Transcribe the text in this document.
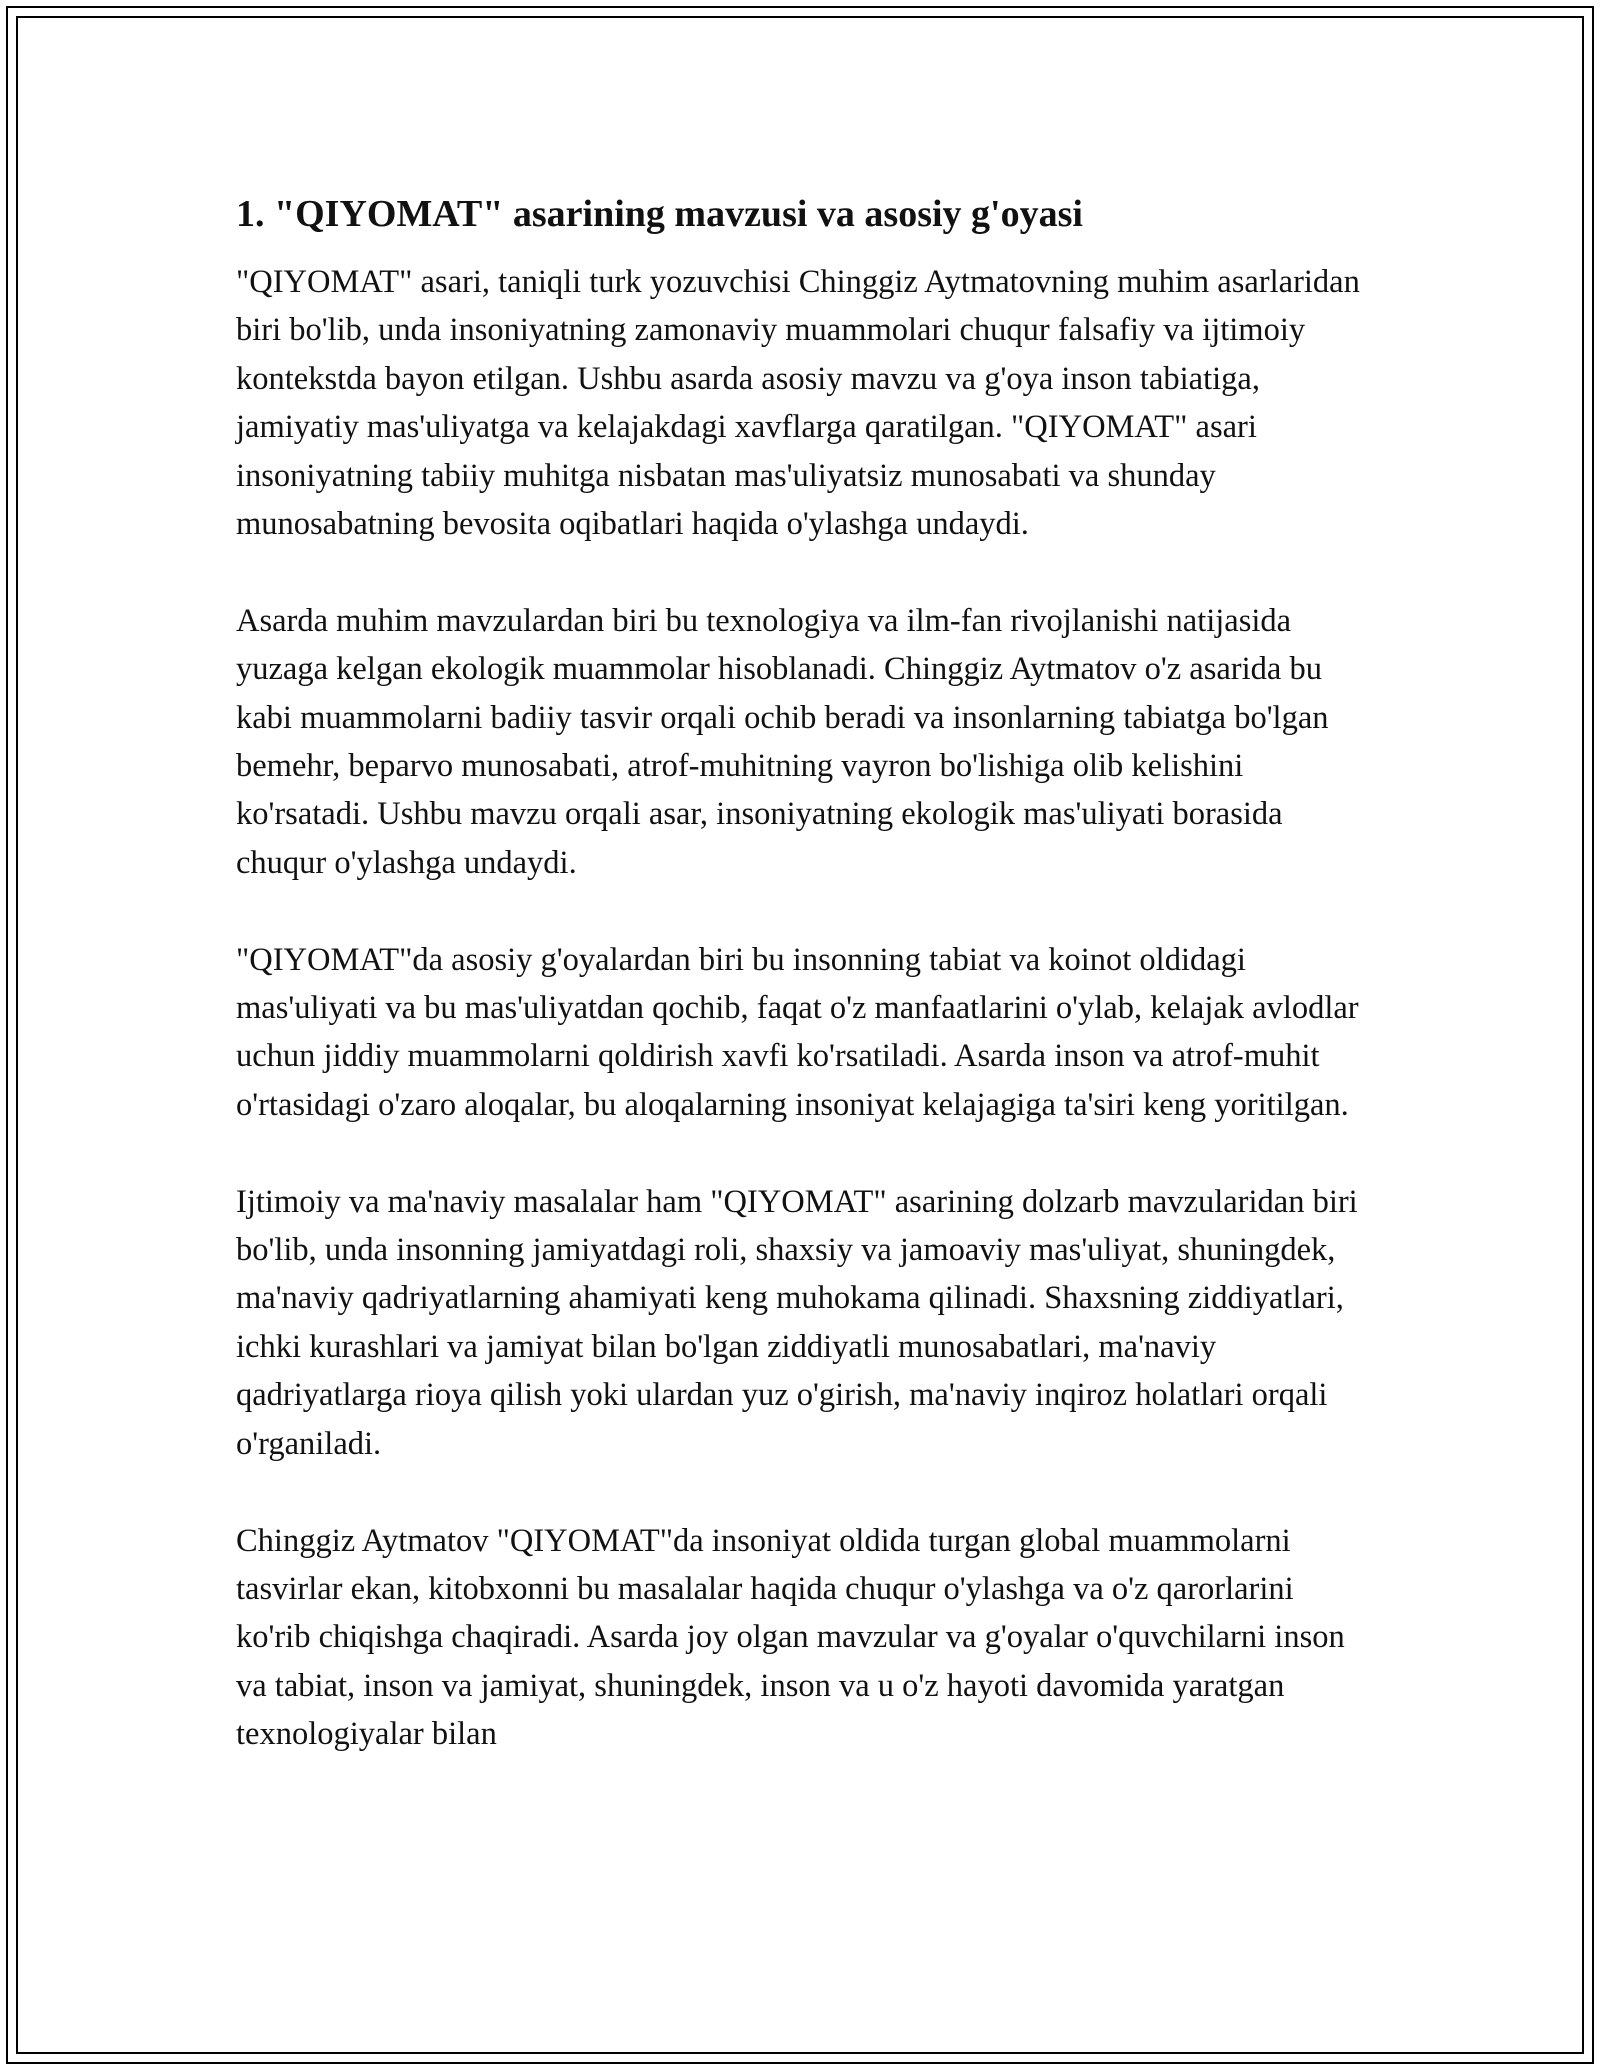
1. "QIYOMAT" asarining mavzusi va asosiy g'oyasi

"QIYOMAT" asari, taniqli turk yozuvchisi Chinggiz Aytmatovning muhim asarlaridan biri bo'lib, unda insoniyatning zamonaviy muammolari chuqur falsafiy va ijtimoiy kontekstda bayon etilgan. Ushbu asarda asosiy mavzu va g'oya inson tabiatiga, jamiyatiy mas'uliyatga va kelajakdagi xavflarga qaratilgan. "QIYOMAT" asari insoniyatning tabiiy muhitga nisbatan mas'uliyatsiz munosabati va shunday munosabatning bevosita oqibatlari haqida o'ylashga undaydi.

Asarda muhim mavzulardan biri bu texnologiya va ilm-fan rivojlanishi natijasida yuzaga kelgan ekologik muammolar hisoblanadi. Chinggiz Aytmatov o'z asarida bu kabi muammolarni badiiy tasvir orqali ochib beradi va insonlarning tabiatga bo'lgan bemehr, beparvo munosabati, atrof-muhitning vayron bo'lishiga olib kelishini ko'rsatadi. Ushbu mavzu orqali asar, insoniyatning ekologik mas'uliyati borasida chuqur o'ylashga undaydi.

"QIYOMAT"da asosiy g'oyalardan biri bu insonning tabiat va koinot oldidagi mas'uliyati va bu mas'uliyatdan qochib, faqat o'z manfaatlarini o'ylab, kelajak avlodlar uchun jiddiy muammolarni qoldirish xavfi ko'rsatiladi. Asarda inson va atrof-muhit o'rtasidagi o'zaro aloqalar, bu aloqalarning insoniyat kelajagiga ta'siri keng yoritilgan.

Ijtimoiy va ma'naviy masalalar ham "QIYOMAT" asarining dolzarb mavzularidan biri bo'lib, unda insonning jamiyatdagi roli, shaxsiy va jamoaviy mas'uliyat, shuningdek, ma'naviy qadriyatlarning ahamiyati keng muhokama qilinadi. Shaxsning ziddiyatlari, ichki kurashlari va jamiyat bilan bo'lgan ziddiyatli munosabatlari, ma'naviy qadriyatlarga rioya qilish yoki ulardan yuz o'girish, ma'naviy inqiroz holatlari orqali o'rganiladi.

Chinggiz Aytmatov "QIYOMAT"da insoniyat oldida turgan global muammolarni tasvirlar ekan, kitobxonni bu masalalar haqida chuqur o'ylashga va o'z qarorlarini ko'rib chiqishga chaqiradi. Asarda joy olgan mavzular va g'oyalar o'quvchilarni inson va tabiat, inson va jamiyat, shuningdek, inson va u o'z hayoti davomida yaratgan texnologiyalar bilan
